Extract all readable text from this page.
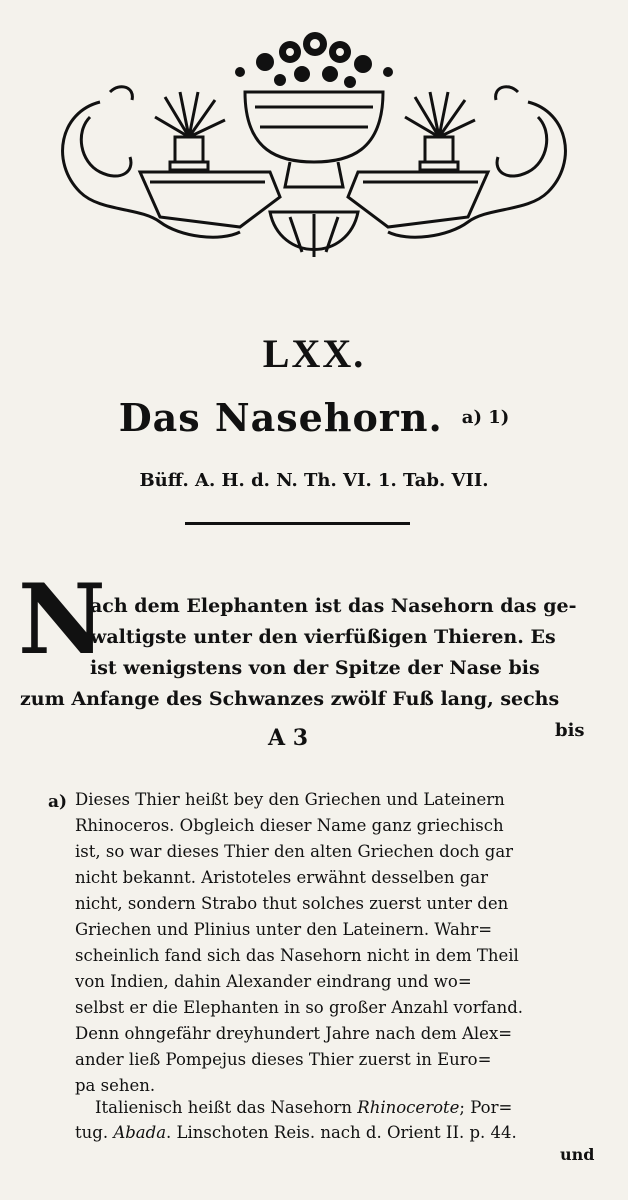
LXX.
Das Nasehorn. a) 1)
Büff. A. H. d. N. Th. VI. 1. Tab. VII.
N
ach dem Elephanten ist das Nasehorn das ge-
waltigste unter den vierfüßigen Thieren. Es
ist wenigstens von der Spitze der Nase bis
zum Anfange des Schwanzes zwölf Fuß lang, sechs
A 3	bis
a) Dieses Thier heißt bey den Griechen und Lateinern
Rhinoceros. Obgleich dieser Name ganz griechisch
ist, so war dieses Thier den alten Griechen doch gar
nicht bekannt. Aristoteles erwähnt desselben gar
nicht, sondern Strabo thut solches zuerst unter den
Griechen und Plinius unter den Lateinern. Wahr=
scheinlich fand sich das Nasehorn nicht in dem Theil
von Indien, dahin Alexander eindrang und wo=
selbst er die Elephanten in so großer Anzahl vorfand.
Denn ohngefähr dreyhundert Jahre nach dem Alex=
ander ließ Pompejus dieses Thier zuerst in Euro=
pa sehen.
Italienisch heißt das Nasehorn Rhinocerote; Por=
tug. Abada. Linschoten Reis. nach d. Orient II. p. 44.
und
